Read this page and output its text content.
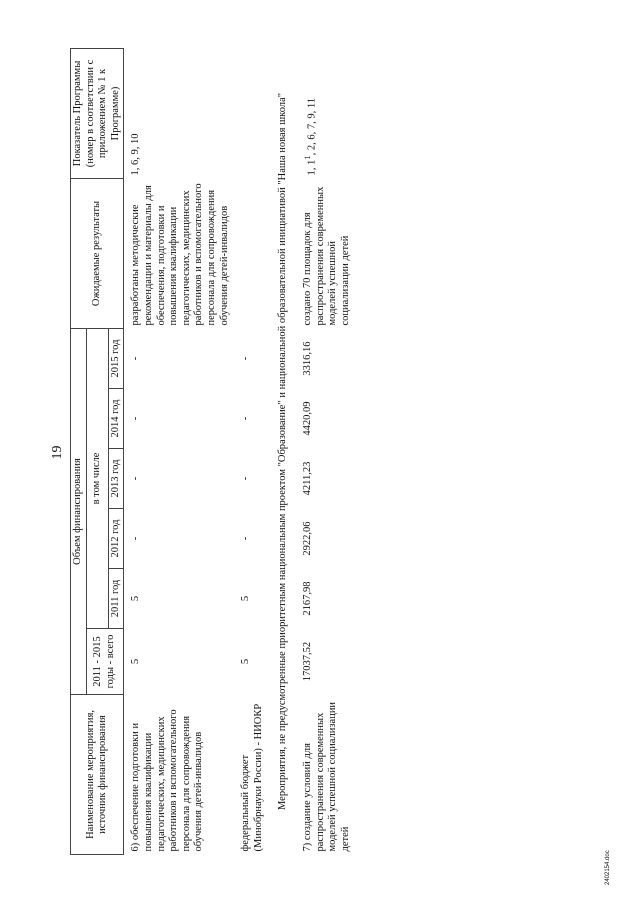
19
Наименование мероприятия, источник финансирования	Объем финансирования						Ожидаемые результаты	Показатель Программы (номер в соответствии с приложением № 1 к Программе)
	2011 - 2015 годы - всего	в том числе						
		2011 год	2012 год	2013 год	2014 год	2015 год		
6) обеспечение подготовки и повышения квалификации педагогических, медицинских работников и вспомогательного персонала для сопровождения обучения детей-инвалидов	5	5	-	-	-	-	разработаны методические рекомендации и материалы для обеспечения, подготовки и повышения квалификации педагогических, медицинских работников и вспомогательного персонала для сопровождения обучения детей-инвалидов	1, 6, 9, 10
федеральный бюджет (Минобрнауки России) - НИОКР	5	5	-	-	-	-		
Мероприятия, не предусмотренные приоритетным национальным проектом "Образование" и национальной образовательной инициативой "Наша новая школа"								
7) создание условий для распространения современных моделей успешной социализации детей	17037,52	2167,98	2922,06	4211,23	4420,09	3316,16	создано 70 площадок для распространения современных моделей успешной социализации детей	1, $1^1$, 2, 6, 7, 9, 11
2402154.doc
